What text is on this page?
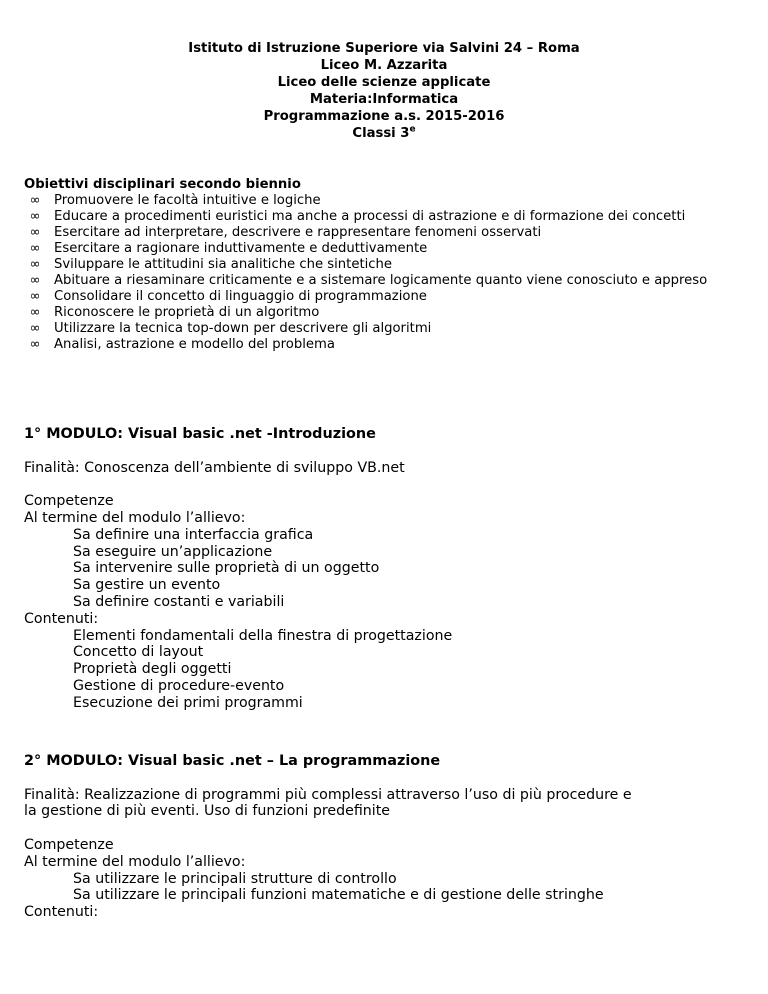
Istituto di Istruzione Superiore via Salvini 24 – Roma
Liceo M. Azzarita
Liceo delle scienze applicate
Materia:Informatica
Programmazione a.s. 2015-2016
Classi 3e
Obiettivi disciplinari secondo biennio
∞ Promuovere le facoltà intuitive e logiche
∞ Educare a procedimenti euristici ma anche a processi di astrazione e di formazione dei concetti
∞ Esercitare ad interpretare, descrivere e rappresentare fenomeni osservati
∞ Esercitare a ragionare induttivamente e deduttivamente
∞ Sviluppare le attitudini sia analitiche che sintetiche
∞ Abituare a riesaminare criticamente e a sistemare logicamente quanto viene conosciuto e appreso
∞ Consolidare il concetto di linguaggio di programmazione
∞ Riconoscere le proprietà di un algoritmo
∞ Utilizzare la tecnica top-down per descrivere gli algoritmi
∞ Analisi, astrazione e modello del problema
1° MODULO: Visual basic .net -Introduzione
Finalità: Conoscenza dell’ambiente di sviluppo VB.net
Competenze
Al termine del modulo l’allievo:
Sa definire una interfaccia grafica
Sa eseguire un’applicazione
Sa intervenire sulle proprietà di un oggetto
Sa gestire un evento
Sa definire costanti e variabili
Contenuti:
Elementi fondamentali della finestra di progettazione
Concetto di layout
Proprietà degli oggetti
Gestione di procedure-evento
Esecuzione dei primi programmi
2° MODULO: Visual basic .net – La programmazione
Finalità: Realizzazione di programmi più complessi attraverso l’uso di più procedure e
la gestione di più eventi. Uso di funzioni predefinite
Competenze
Al termine del modulo l’allievo:
Sa utilizzare le principali strutture di controllo
Sa utilizzare le principali funzioni matematiche e di gestione delle stringhe
Contenuti:
